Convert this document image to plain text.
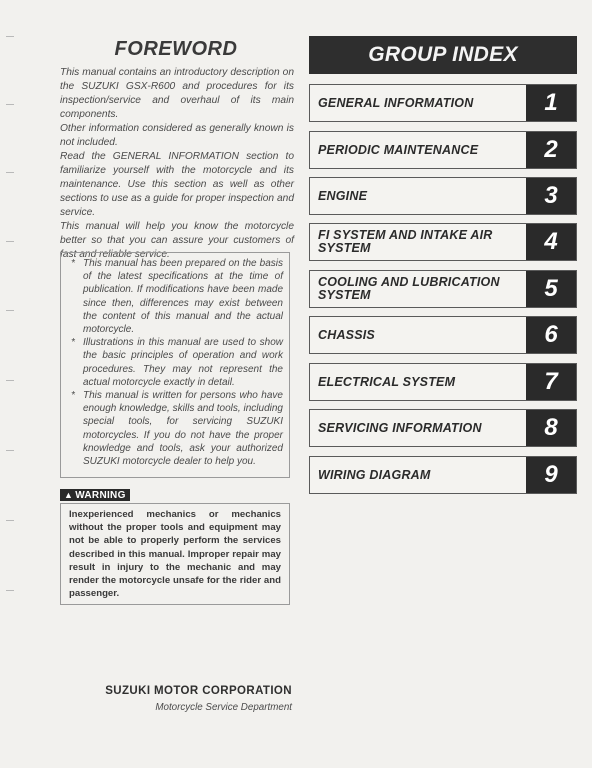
FOREWORD

This manual contains an introductory description on the SUZUKI GSX-R600 and procedures for its inspection/service and overhaul of its main components.

Other information considered as generally known is not included.

Read the GENERAL INFORMATION section to familiarize yourself with the motorcycle and its maintenance. Use this section as well as other sections to use as a guide for proper inspection and service.

This manual will help you know the motorcycle better so that you can assure your customers of fast and reliable service.

* This manual has been prepared on the basis of the latest specifications at the time of publication. If modifications have been made since then, differences may exist between the content of this manual and the actual motorcycle.
* Illustrations in this manual are used to show the basic principles of operation and work procedures. They may not represent the actual motorcycle exactly in detail.
* This manual is written for persons who have enough knowledge, skills and tools, including special tools, for servicing SUZUKI motorcycles. If you do not have the proper knowledge and tools, ask your authorized SUZUKI motorcycle dealer to help you.
▲ WARNING
Inexperienced mechanics or mechanics without the proper tools and equipment may not be able to properly perform the services described in this manual. Improper repair may result in injury to the mechanic and may render the motorcycle unsafe for the rider and passenger.
SUZUKI MOTOR CORPORATION
Motorcycle Service Department
GROUP INDEX
GENERAL INFORMATION	1
PERIODIC MAINTENANCE	2
ENGINE	3
FI SYSTEM AND INTAKE AIR SYSTEM	4
COOLING AND LUBRICATION SYSTEM	5
CHASSIS	6
ELECTRICAL SYSTEM	7
SERVICING INFORMATION	8
WIRING DIAGRAM	9
